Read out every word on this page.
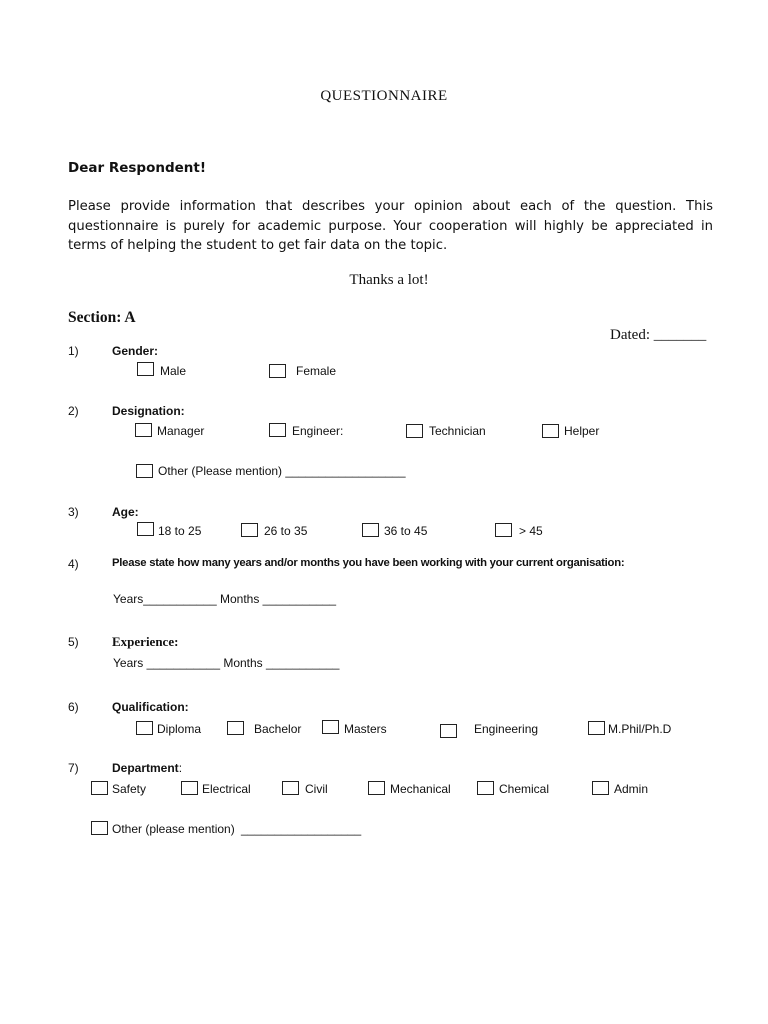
QUESTIONNAIRE
Dear Respondent!
Please provide information that describes your opinion about each of the question. This questionnaire is purely for academic purpose. Your cooperation will highly be appreciated in terms of helping the student to get fair data on the topic.
Thanks a lot!
Section: A
Dated: _______
1)	Gender:
Male	Female
2)	Designation:
Manager	Engineer:	Technician	Helper
Other (Please mention) __________________
3)	Age:
18 to 25	26 to 35	36 to 45	> 45
4)	Please state how many years and/or months you have been working with your current organisation:
Years___________ Months ___________
5)	Experience:
Years ___________ Months ___________
6)	Qualification:
Diploma	Bachelor	Masters	Engineering	M.Phil/Ph.D
7)	Department:
Safety	Electrical	Civil	Mechanical	Chemical	Admin
Other (please mention) __________________
